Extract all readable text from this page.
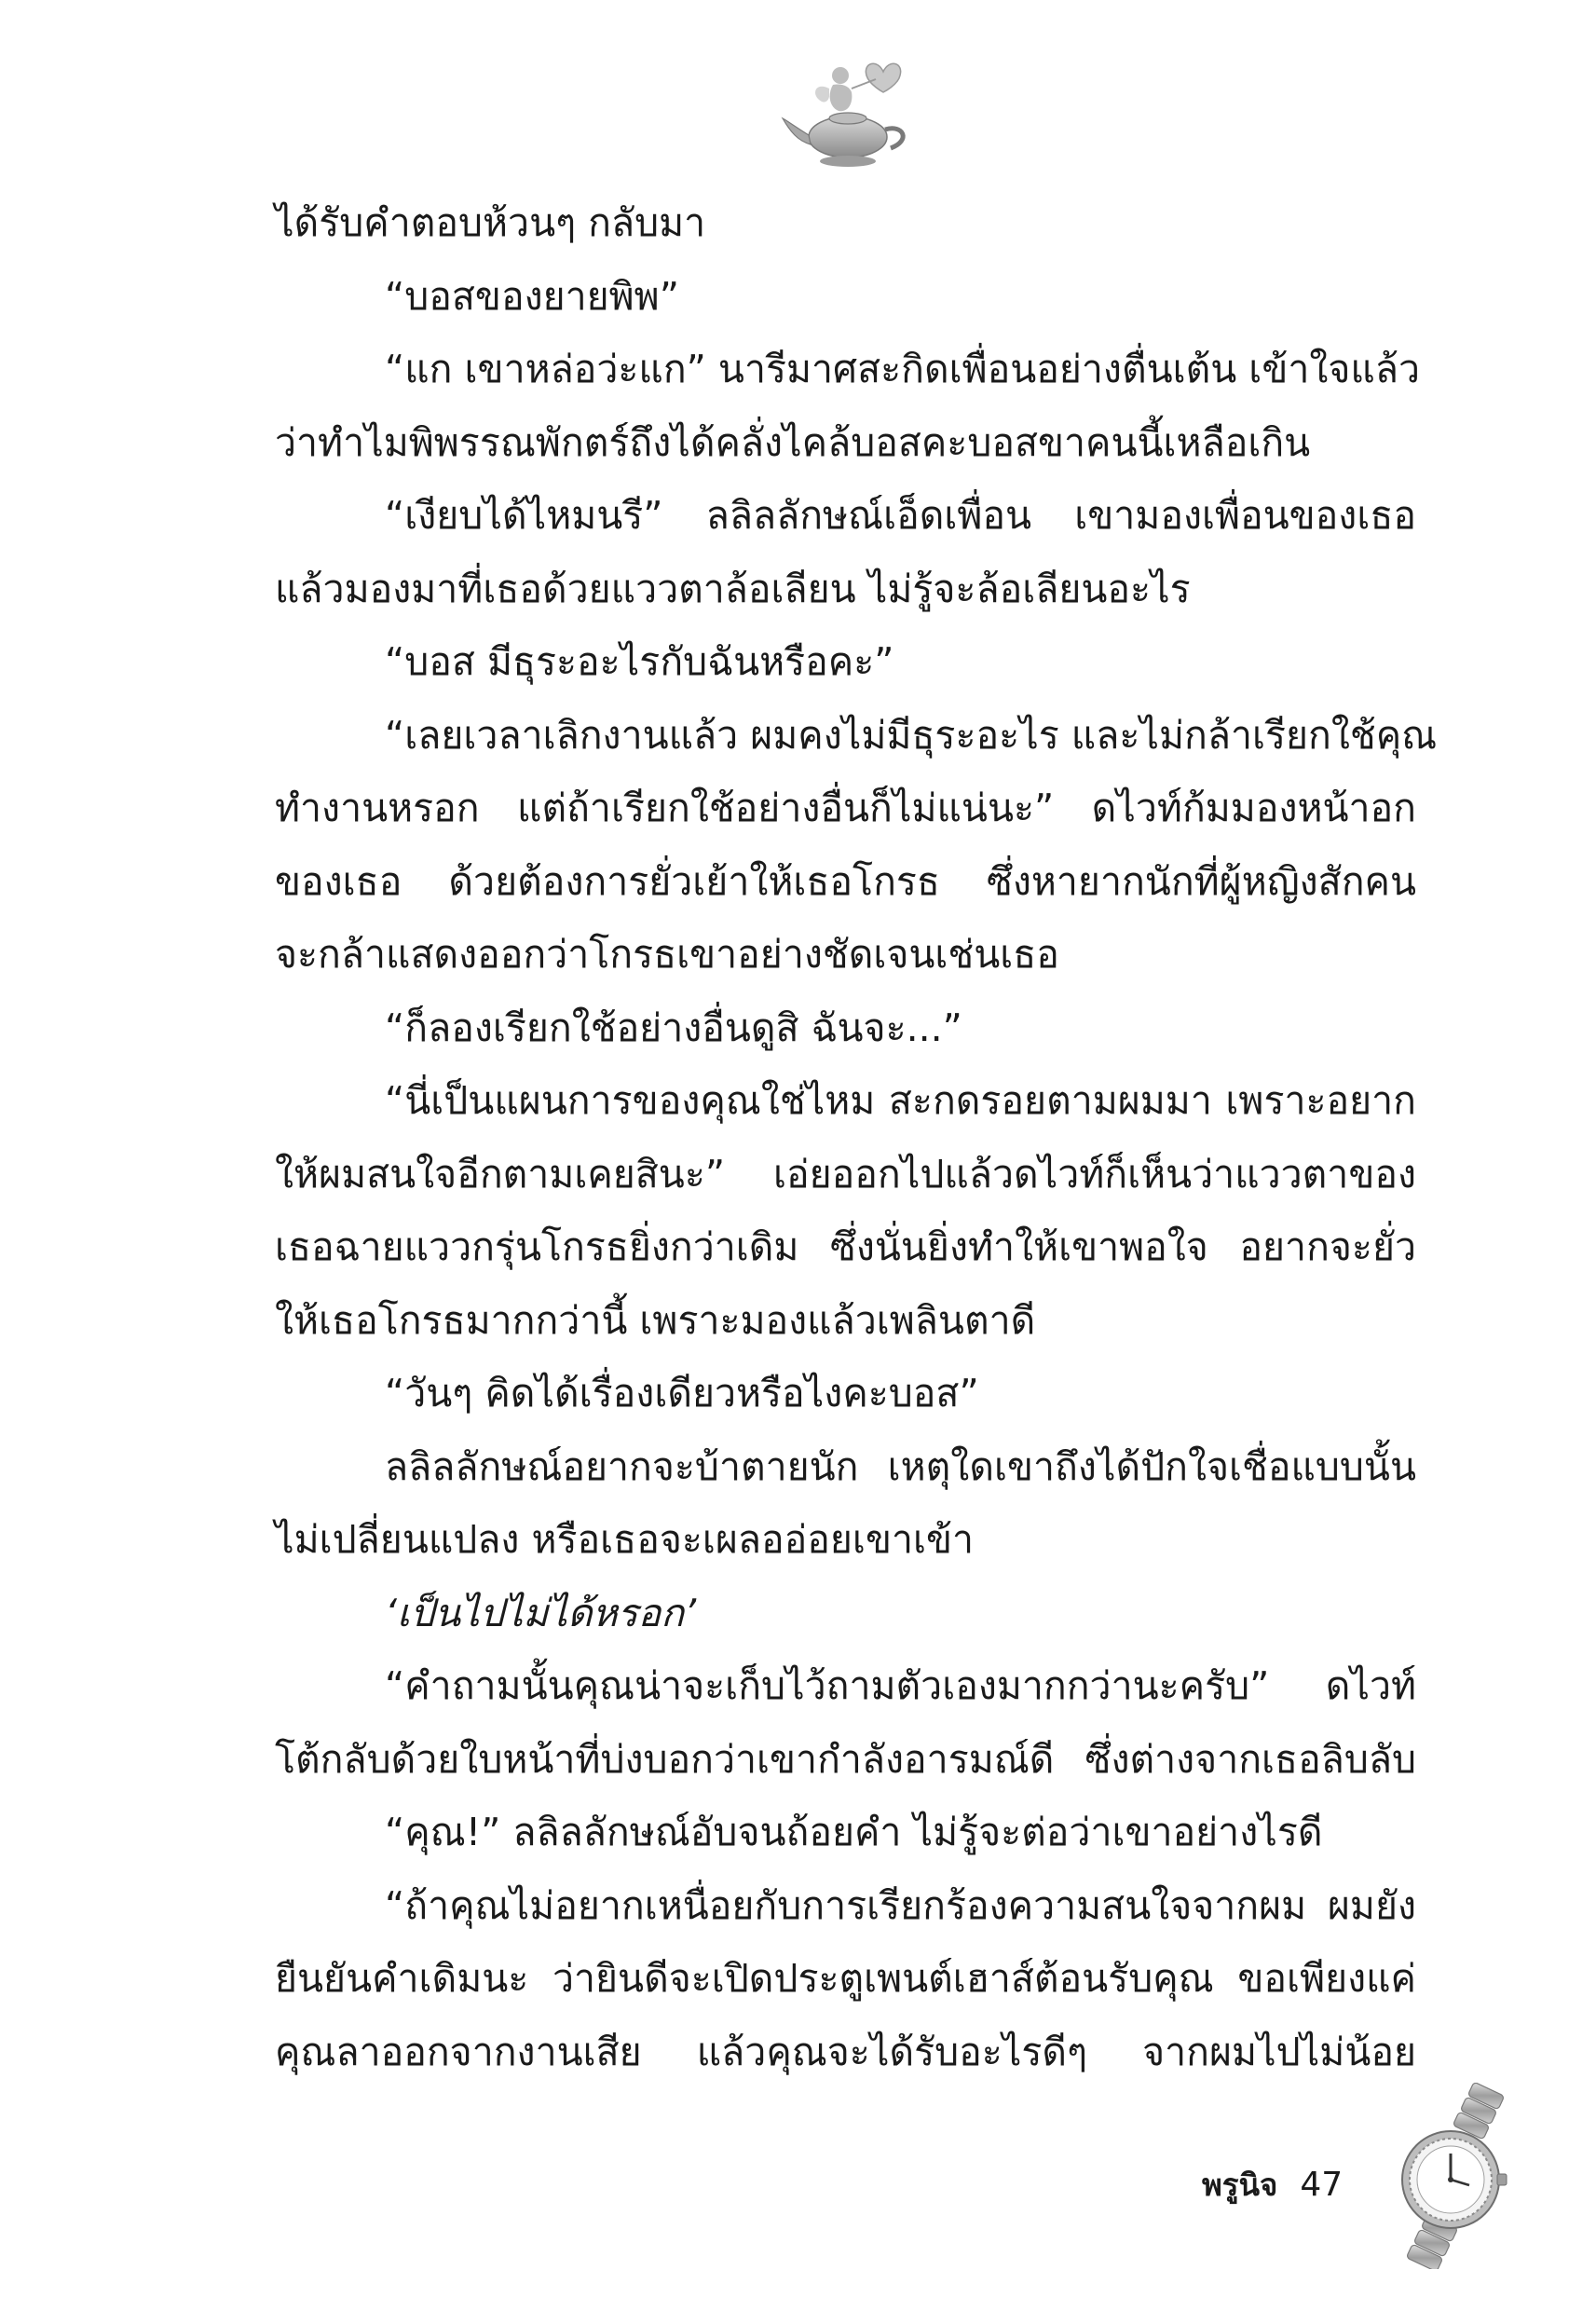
ได้รับคำตอบห้วนๆ กลับมา
“บอสของยายพิพ”
“แก เขาหล่อว่ะแก” นารีมาศสะกิดเพื่อนอย่างตื่นเต้น เข้าใจแล้ว
ว่าทำไมพิพรรณพักตร์ถึงได้คลั่งไคล้บอสคะบอสขาคนนี้เหลือเกิน
“เงียบได้ไหมนรี” ลลิลลักษณ์เอ็ดเพื่อน เขามองเพื่อนของเธอ
แล้วมองมาที่เธอด้วยแววตาล้อเลียน ไม่รู้จะล้อเลียนอะไร
“บอส มีธุระอะไรกับฉันหรือคะ”
“เลยเวลาเลิกงานแล้ว ผมคงไม่มีธุระอะไร และไม่กล้าเรียกใช้คุณ
ทำงานหรอก แต่ถ้าเรียกใช้อย่างอื่นก็ไม่แน่นะ” ดไวท์ก้มมองหน้าอก
ของเธอ ด้วยต้องการยั่วเย้าให้เธอโกรธ ซึ่งหายากนักที่ผู้หญิงสักคน
จะกล้าแสดงออกว่าโกรธเขาอย่างชัดเจนเช่นเธอ
“ก็ลองเรียกใช้อย่างอื่นดูสิ ฉันจะ...”
“นี่เป็นแผนการของคุณใช่ไหม สะกดรอยตามผมมา เพราะอยาก
ให้ผมสนใจอีกตามเคยสินะ” เอ่ยออกไปแล้วดไวท์ก็เห็นว่าแววตาของ
เธอฉายแววกรุ่นโกรธยิ่งกว่าเดิม ซึ่งนั่นยิ่งทำให้เขาพอใจ อยากจะยั่ว
ให้เธอโกรธมากกว่านี้ เพราะมองแล้วเพลินตาดี
“วันๆ คิดได้เรื่องเดียวหรือไงคะบอส”
ลลิลลักษณ์อยากจะบ้าตายนัก เหตุใดเขาถึงได้ปักใจเชื่อแบบนั้น
ไม่เปลี่ยนแปลง หรือเธอจะเผลออ่อยเขาเข้า
‘เป็นไปไม่ได้หรอก’
“คำถามนั้นคุณน่าจะเก็บไว้ถามตัวเองมากกว่านะครับ” ดไวท์
โต้กลับด้วยใบหน้าที่บ่งบอกว่าเขากำลังอารมณ์ดี ซึ่งต่างจากเธอลิบลับ
“คุณ!” ลลิลลักษณ์อับจนถ้อยคำ ไม่รู้จะต่อว่าเขาอย่างไรดี
“ถ้าคุณไม่อยากเหนื่อยกับการเรียกร้องความสนใจจากผม ผมยัง
ยืนยันคำเดิมนะ ว่ายินดีจะเปิดประตูเพนต์เฮาส์ต้อนรับคุณ ขอเพียงแค่
คุณลาออกจากงานเสีย แล้วคุณจะได้รับอะไรดีๆ จากผมไปไม่น้อย
พรูนิจ 47
